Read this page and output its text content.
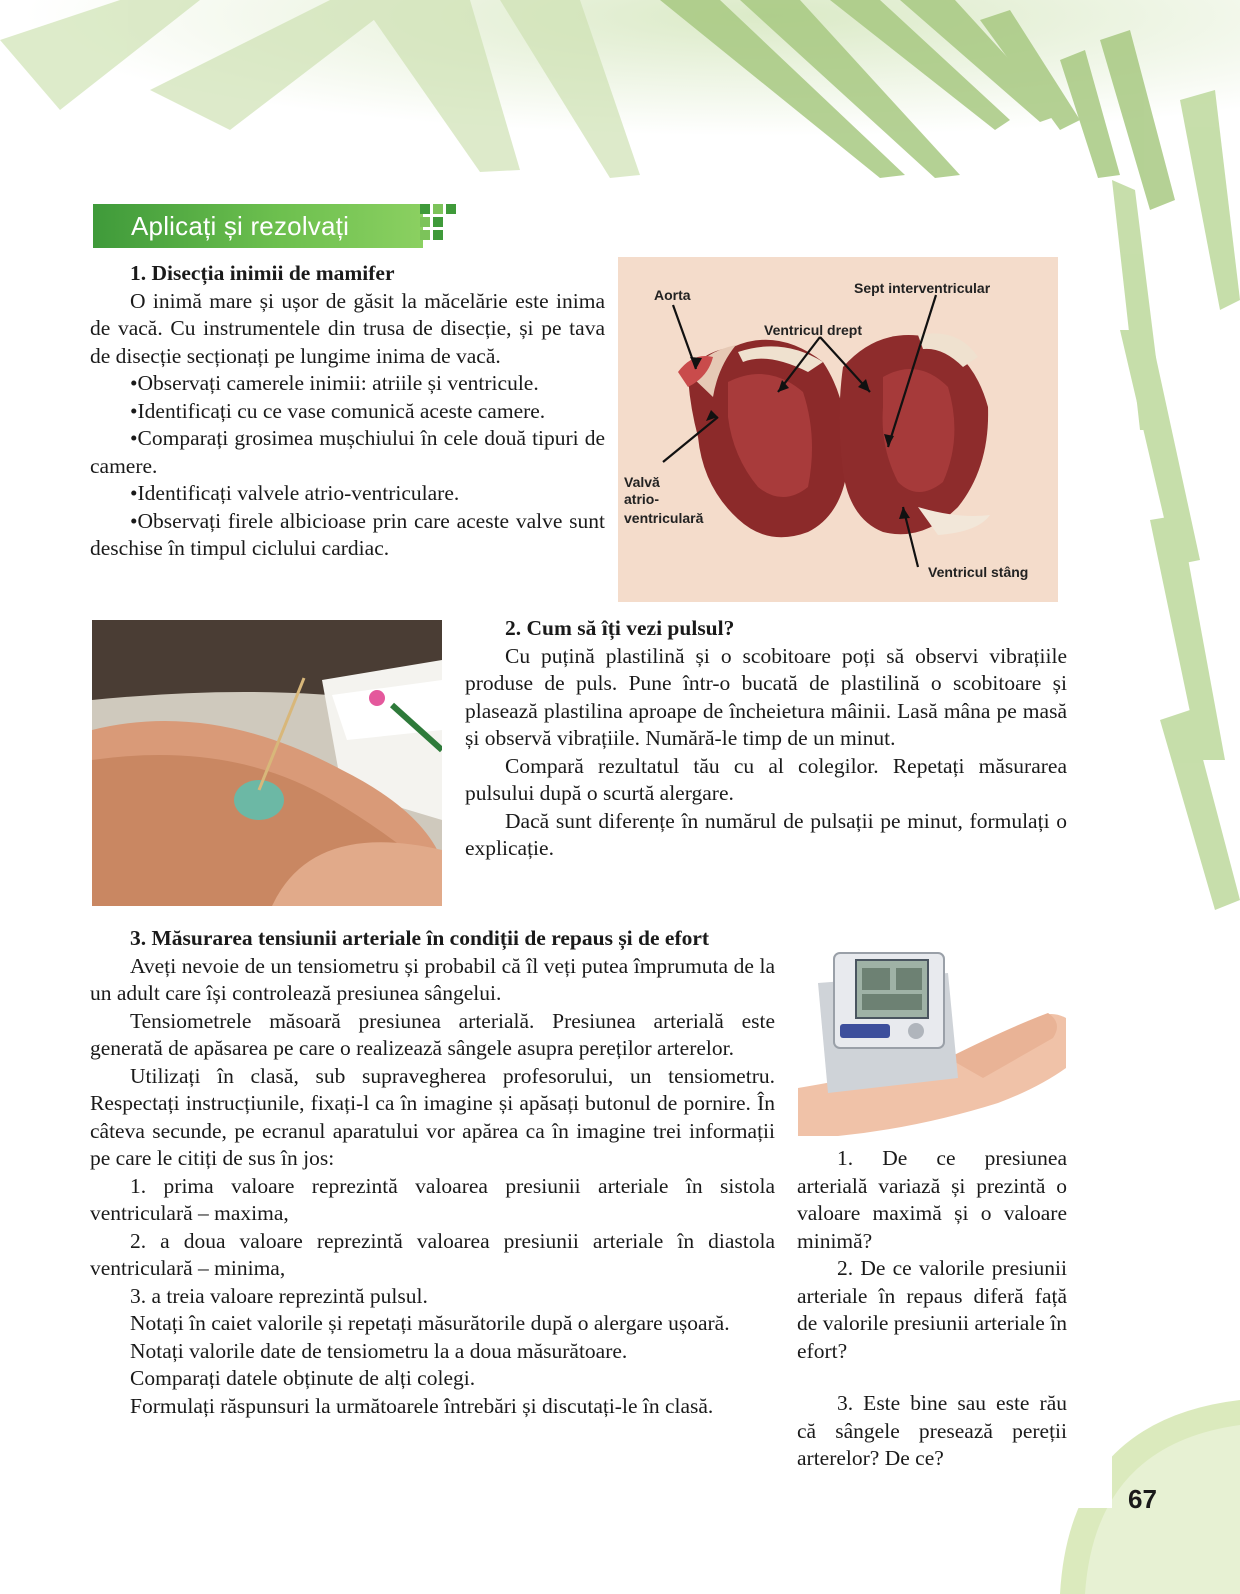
Aplicați și rezolvați

1. Disecția inimii de mamifer

O inimă mare și ușor de găsit la măcelărie este inima de vacă. Cu instrumentele din trusa de disecție, și pe tava de disecție secționați pe lungime inima de vacă.

•Observați camerele inimii: atriile și ventricule.

•Identificați cu ce vase comunică aceste camere.

•Comparați grosimea mușchiului în cele două tipuri de camere.

•Identificați valvele atrio-ventriculare.

•Observați firele albicioase prin care aceste valve sunt deschise în timpul ciclului cardiac.

Aorta	Sept interventricular
Ventricul drept
Valvă
atrio-
ventriculară
Ventricul stâng

2. Cum să îți vezi pulsul?

Cu puțină plastilină și o scobitoare poți să observi vibrațiile produse de puls. Pune într-o bucată de plastilină o scobitoare și plasează plastilina aproape de încheietura mâinii. Lasă mâna pe masă și observă vibrațiile. Numără-le timp de un minut.

Compară rezultatul tău cu al colegilor. Repetați măsurarea pulsului după o scurtă alergare.

Dacă sunt diferențe în numărul de pulsații pe minut, formulați o explicație.

3. Măsurarea tensiunii arteriale în condiții de repaus și de efort

Aveți nevoie de un tensiometru și probabil că îl veți putea împrumuta de la un adult care își controlează presiunea sângelui.

Tensiometrele măsoară presiunea arterială. Presiunea arterială este generată de apăsarea pe care o realizează sângele asupra pereților arterelor.

Utilizați în clasă, sub supravegherea profesorului, un tensiometru. Respectați instrucțiunile, fixați-l ca în imagine și apăsați butonul de pornire. În câteva secunde, pe ecranul aparatului vor apărea ca în imagine trei informații pe care le citiți de sus în jos:

1. prima valoare reprezintă valoarea presiunii arteriale în sistola ventriculară – maxima,

2. a doua valoare reprezintă valoarea presiunii arteriale în diastola ventriculară – minima,

3. a treia valoare reprezintă pulsul.

Notați în caiet valorile și repetați măsurătorile după o alergare ușoară.

Notați valorile date de tensiometru la a doua măsurătoare.

Comparați datele obținute de alți colegi.

Formulați răspunsuri la următoarele întrebări și discutați-le în clasă.

1. De ce presiunea arterială variază și prezintă o valoare maximă și o valoare minimă?

2. De ce valorile presiunii arteriale în repaus diferă față de valorile presiunii arteriale în efort?

3. Este bine sau este rău că sângele presează pereții arterelor? De ce?

67
